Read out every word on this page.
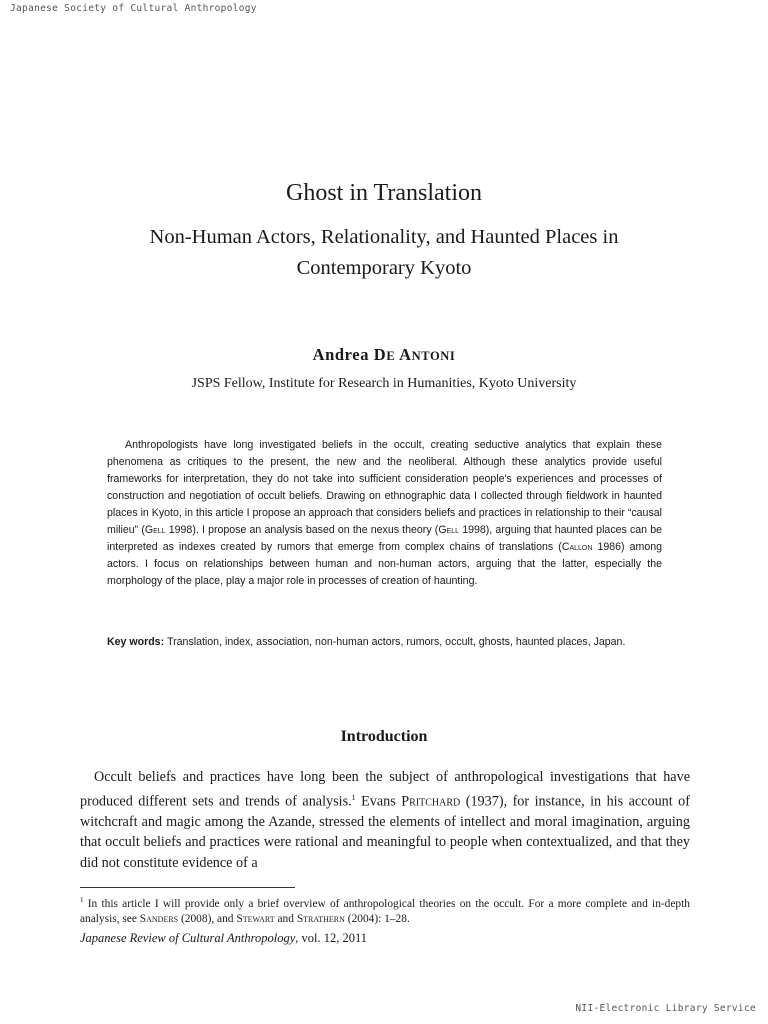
Japanese Society of Cultural Anthropology
Ghost in Translation
Non-Human Actors, Relationality, and Haunted Places in Contemporary Kyoto
Andrea DE ANTONI
JSPS Fellow, Institute for Research in Humanities, Kyoto University
Anthropologists have long investigated beliefs in the occult, creating seductive analytics that explain these phenomena as critiques to the present, the new and the neoliberal. Although these analytics provide useful frameworks for interpretation, they do not take into sufficient consideration people's experiences and processes of construction and negotiation of occult beliefs. Drawing on ethnographic data I collected through fieldwork in haunted places in Kyoto, in this article I propose an approach that considers beliefs and practices in relationship to their “causal milieu” (Gell 1998). I propose an analysis based on the nexus theory (Gell 1998), arguing that haunted places can be interpreted as indexes created by rumors that emerge from complex chains of translations (Callon 1986) among actors. I focus on relationships between human and non-human actors, arguing that the latter, especially the morphology of the place, play a major role in processes of creation of haunting.
Key words: Translation, index, association, non-human actors, rumors, occult, ghosts, haunted places, Japan.
Introduction
Occult beliefs and practices have long been the subject of anthropological investigations that have produced different sets and trends of analysis.$^1$ Evans Pritchard (1937), for instance, in his account of witchcraft and magic among the Azande, stressed the elements of intellect and moral imagination, arguing that occult beliefs and practices were rational and meaningful to people when contextualized, and that they did not constitute evidence of a
$^1$ In this article I will provide only a brief overview of anthropological theories on the occult. For a more complete and in-depth analysis, see Sanders (2008), and Stewart and Strathern (2004): 1–28.
Japanese Review of Cultural Anthropology, vol. 12, 2011
NII-Electronic Library Service
